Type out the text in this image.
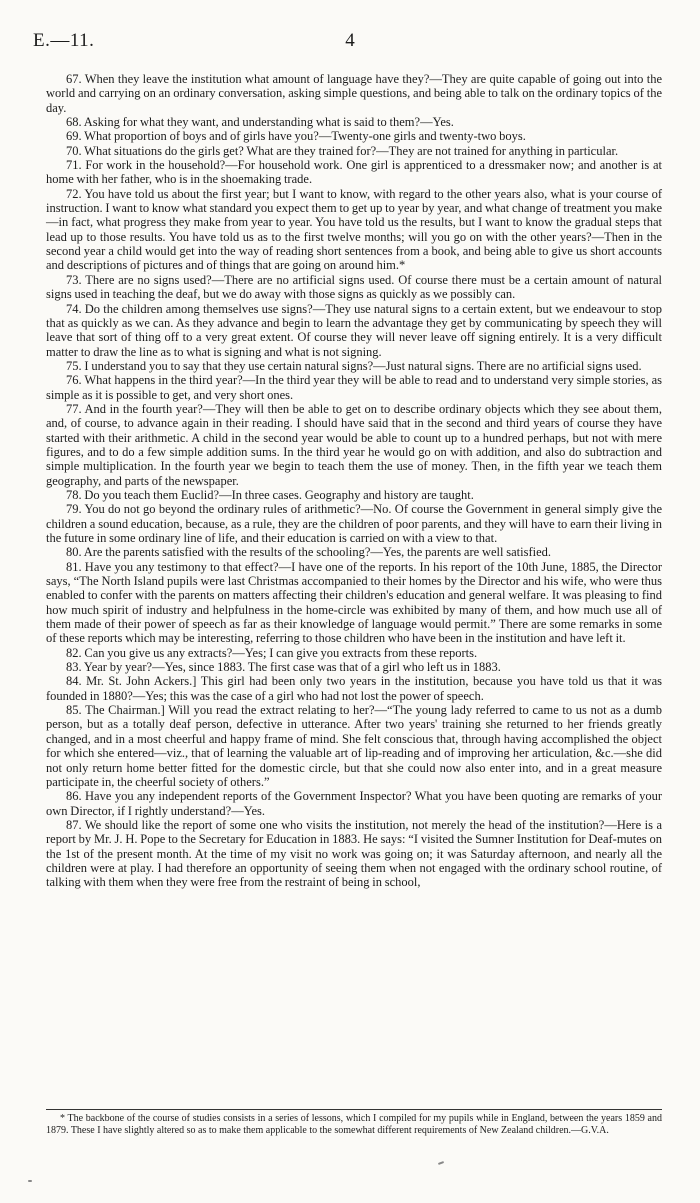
E.—11.	4

67. When they leave the institution what amount of language have they?—They are quite capable of going out into the world and carrying on an ordinary conversation, asking simple questions, and being able to talk on the ordinary topics of the day.

68. Asking for what they want, and understanding what is said to them?—Yes.

69. What proportion of boys and of girls have you?—Twenty-one girls and twenty-two boys.

70. What situations do the girls get? What are they trained for?—They are not trained for anything in particular.

71. For work in the household?—For household work. One girl is apprenticed to a dressmaker now; and another is at home with her father, who is in the shoemaking trade.

72. You have told us about the first year; but I want to know, with regard to the other years also, what is your course of instruction. I want to know what standard you expect them to get up to year by year, and what change of treatment you make—in fact, what progress they make from year to year. You have told us the results, but I want to know the gradual steps that lead up to those results. You have told us as to the first twelve months; will you go on with the other years?—Then in the second year a child would get into the way of reading short sentences from a book, and being able to give us short accounts and descriptions of pictures and of things that are going on around him.*

73. There are no signs used?—There are no artificial signs used. Of course there must be a certain amount of natural signs used in teaching the deaf, but we do away with those signs as quickly as we possibly can.

74. Do the children among themselves use signs?—They use natural signs to a certain extent, but we endeavour to stop that as quickly as we can. As they advance and begin to learn the advantage they get by communicating by speech they will leave that sort of thing off to a very great extent. Of course they will never leave off signing entirely. It is a very difficult matter to draw the line as to what is signing and what is not signing.

75. I understand you to say that they use certain natural signs?—Just natural signs. There are no artificial signs used.

76. What happens in the third year?—In the third year they will be able to read and to understand very simple stories, as simple as it is possible to get, and very short ones.

77. And in the fourth year?—They will then be able to get on to describe ordinary objects which they see about them, and, of course, to advance again in their reading. I should have said that in the second and third years of course they have started with their arithmetic. A child in the second year would be able to count up to a hundred perhaps, but not with mere figures, and to do a few simple addition sums. In the third year he would go on with addition, and also do subtraction and simple multiplication. In the fourth year we begin to teach them the use of money. Then, in the fifth year we teach them geography, and parts of the newspaper.

78. Do you teach them Euclid?—In three cases. Geography and history are taught.

79. You do not go beyond the ordinary rules of arithmetic?—No. Of course the Government in general simply give the children a sound education, because, as a rule, they are the children of poor parents, and they will have to earn their living in the future in some ordinary line of life, and their education is carried on with a view to that.

80. Are the parents satisfied with the results of the schooling?—Yes, the parents are well satisfied.

81. Have you any testimony to that effect?—I have one of the reports. In his report of the 10th June, 1885, the Director says, “The North Island pupils were last Christmas accompanied to their homes by the Director and his wife, who were thus enabled to confer with the parents on matters affecting their children's education and general welfare. It was pleasing to find how much spirit of industry and helpfulness in the home-circle was exhibited by many of them, and how much use all of them made of their power of speech as far as their knowledge of language would permit.” There are some remarks in some of these reports which may be interesting, referring to those children who have been in the institution and have left it.

82. Can you give us any extracts?—Yes; I can give you extracts from these reports.

83. Year by year?—Yes, since 1883. The first case was that of a girl who left us in 1883.

84. Mr. St. John Ackers.] This girl had been only two years in the institution, because you have told us that it was founded in 1880?—Yes; this was the case of a girl who had not lost the power of speech.

85. The Chairman.] Will you read the extract relating to her?—“The young lady referred to came to us not as a dumb person, but as a totally deaf person, defective in utterance. After two years' training she returned to her friends greatly changed, and in a most cheerful and happy frame of mind. She felt conscious that, through having accomplished the object for which she entered—viz., that of learning the valuable art of lip-reading and of improving her articulation, &c.—she did not only return home better fitted for the domestic circle, but that she could now also enter into, and in a great measure participate in, the cheerful society of others.”

86. Have you any independent reports of the Government Inspector? What you have been quoting are remarks of your own Director, if I rightly understand?—Yes.

87. We should like the report of some one who visits the institution, not merely the head of the institution?—Here is a report by Mr. J. H. Pope to the Secretary for Education in 1883. He says: “I visited the Sumner Institution for Deaf-mutes on the 1st of the present month. At the time of my visit no work was going on; it was Saturday afternoon, and nearly all the children were at play. I had therefore an opportunity of seeing them when not engaged with the ordinary school routine, of talking with them when they were free from the restraint of being in school,

* The backbone of the course of studies consists in a series of lessons, which I compiled for my pupils while in England, between the years 1859 and 1879. These I have slightly altered so as to make them applicable to the somewhat different requirements of New Zealand children.—G.V.A.
